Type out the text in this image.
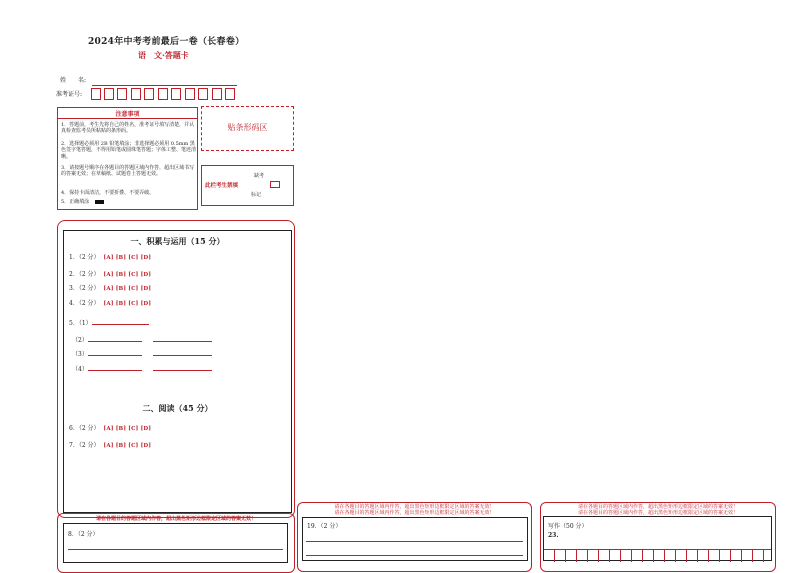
2024年中考考前最后一卷（长春卷）
语　文·答题卡
姓　　名:
准考证号:
注意事项
1．答题前，考生先将自己的姓名，准考证号填写清楚，并认真检查监考员所粘贴的条形码。
2．选择题必须用 2B 铅笔填涂；非选择题必须用 0.5mm 黑色签字笔答题，不得用铅笔或圆珠笔答题；字体工整、笔迹清晰。
3．请按题号顺序在各题目的答题区域内作答，超出区域书写的答案无效；在草稿纸、试题卷上答题无效。
4．保持卡面清洁，不要折叠、不要弄破。
5．正确填涂
贴条形码区
此栏考生禁填
缺考
标记
一、积累与运用（15 分）
1．（2 分） [A] [B] [C] [D]
2．（2 分） [A] [B] [C] [D]
3．（2 分） [A] [B] [C] [D]
4．（2 分） [A] [B] [C] [D]
5．（1）
（2）
（3）
（4）
二、阅读（45 分）
6．（2 分） [A] [B] [C] [D]
7．（2 分） [A] [B] [C] [D]
请在各题目的答题区域内作答，超出黑色矩形边框限定区域的答案无效！
8．（2 分）
请在各题目的答题区域内作答，超出黑色矩形边框限定区域的答案无效！
请在各题目的答题区域内作答，超出黑色矩形边框限定区域的答案无效！
19．（2 分）
请在各题目的答题区域内作答，超出黑色矩形边框限定区域的答案无效！
请在各题目的答题区域内作答，超出黑色矩形边框限定区域的答案无效！
写作（50 分）
23.
